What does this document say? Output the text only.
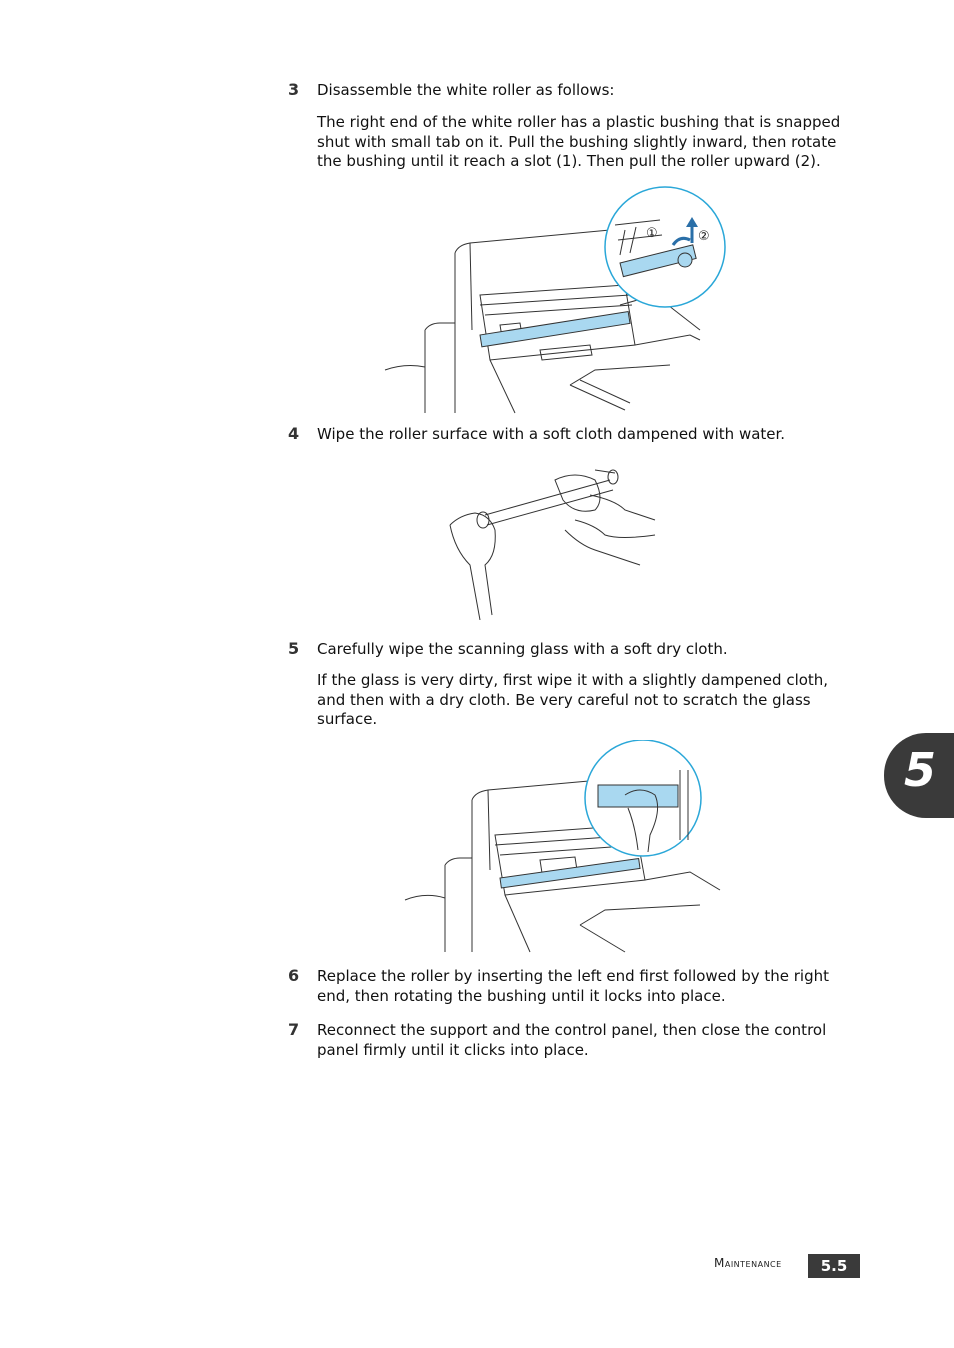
3 Disassemble the white roller as follows:
The right end of the white roller has a plastic bushing that is snapped shut with small tab on it. Pull the bushing slightly inward, then rotate the bushing until it reach a slot (1). Then pull the roller upward (2).
①	②
4 Wipe the roller surface with a soft cloth dampened with water.
5 Carefully wipe the scanning glass with a soft dry cloth.
If the glass is very dirty, first wipe it with a slightly dampened cloth, and then with a dry cloth. Be very careful not to scratch the glass surface.
6 Replace the roller by inserting the left end first followed by the right end, then rotating the bushing until it locks into place.
7 Reconnect the support and the control panel, then close the control panel firmly until it clicks into place.
5
Maintenance	5.5
